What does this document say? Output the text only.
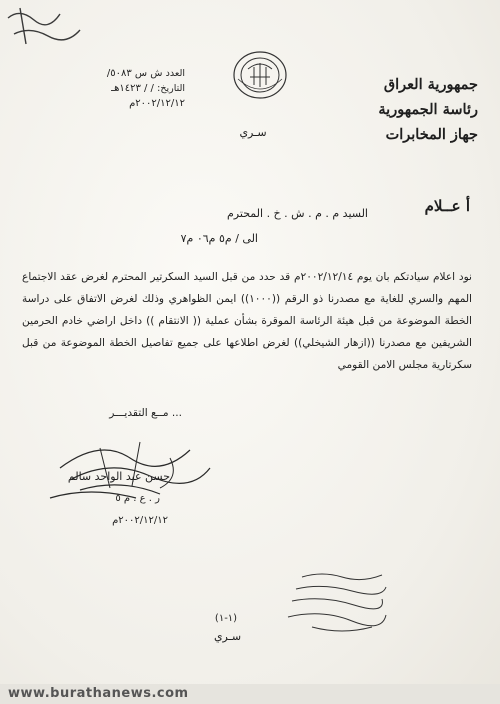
جمهورية العراق
رئاسة الجمهورية
جهاز المخابرات
العدد ش س ٥٠٨٣/
التاريخ: / / ١٤٢٣هـ
٢٠٠٢/١٢/١٢م
سـري
أ عــلام
السيد م . م . ش . خ . المحترم
الى / م٥ م٠٦ م٧
نود اعلام سيادتكم بان يوم ٢٠٠٢/١٢/١٤م قد حدد من قبل السيد السكرتير المحترم لغرض عقد الاجتماع المهم والسري للغاية مع مصدرنا ذو الرقم ((١٠٠٠)) ايمن الظواهري وذلك لغرض الاتفاق على دراسة الخطة الموضوعة من قبل هيئة الرئاسة الموقرة بشأن عملية (( الانتقام )) داخل اراضي خادم الحرمين الشريفين مع مصدرنا ((ازهار الشيخلي)) لغرض اطلاعها على جميع تفاصيل الخطة الموضوعة من قبل سكرتارية مجلس الامن القومي
... مــع التقديـــر
حسن عبد الواحد سالم
ر . ع . م ٥
٢٠٠٢/١٢/١٢م
(١-١)
سـري
www.burathanews.com
